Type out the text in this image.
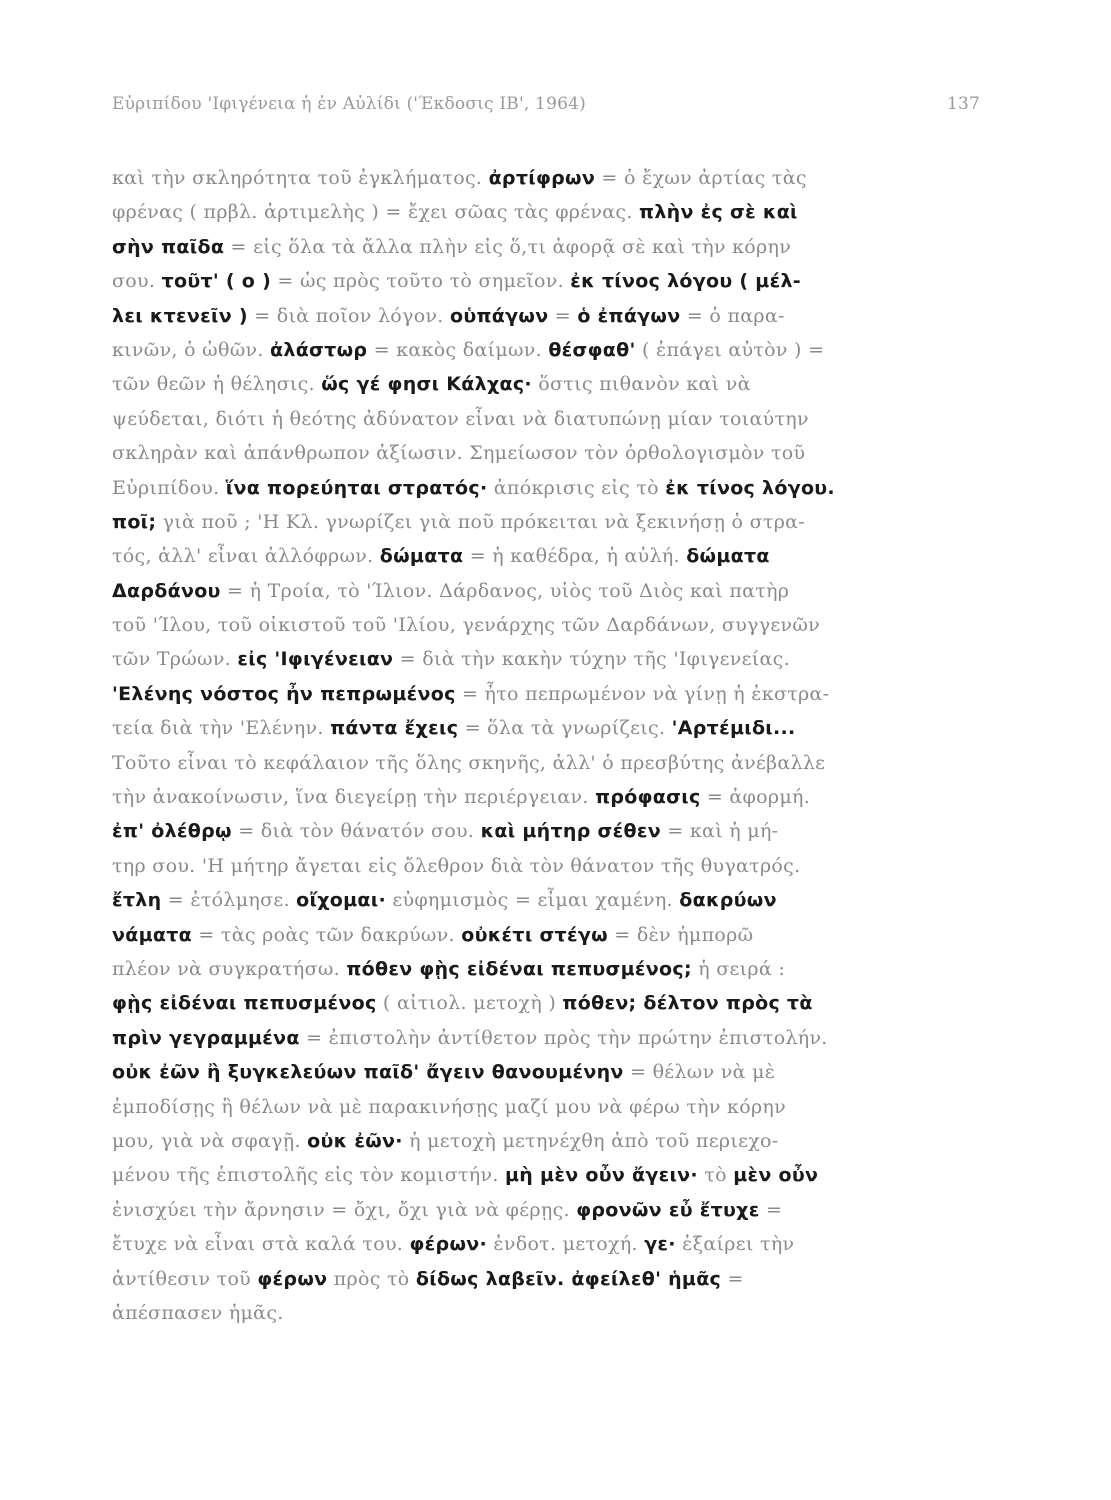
Εὐριπίδου 'Ιφιγένεια ἡ ἐν Αὐλίδι ('Έκδοσις ΙΒ', 1964)	137
καὶ τὴν σκληρότητα τοῦ ἐγκλήματος. ἀρτίφρων = ὁ ἔχων ἀρτίας τὰς
φρένας ( πρβλ. ἀρτιμελὴς ) = ἔχει σῶας τὰς φρένας. πλὴν ἐς σὲ καὶ
σὴν παῖδα = εἰς ὅλα τὰ ἄλλα πλὴν εἰς ὅ,τι ἀφορᾷ σὲ καὶ τὴν κόρην
σου. τοῦτ' ( ο ) = ὡς πρὸς τοῦτο τὸ σημεῖον. ἐκ τίνος λόγου ( μέλ-
λει κτενεῖν ) = διὰ ποῖον λόγον. οὑπάγων = ὁ ἐπάγων = ὁ παρα-
κινῶν, ὁ ὠθῶν. ἀλάστωρ = κακὸς δαίμων. θέσφαθ' ( ἐπάγει αὐτὸν ) =
τῶν θεῶν ἡ θέλησις. ὥς γέ φησι Κάλχας· ὅστις πιθανὸν καὶ νὰ
ψεύδεται, διότι ἡ θεότης ἀδύνατον εἶναι νὰ διατυπώνῃ μίαν τοιαύτην
σκληρὰν καὶ ἀπάνθρωπον ἀξίωσιν. Σημείωσον τὸν ὀρθολογισμὸν τοῦ
Εὐριπίδου. ἵνα πορεύηται στρατός· ἀπόκρισις εἰς τὸ ἐκ τίνος λόγου.
ποῖ; γιὰ ποῦ ; 'Η Κλ. γνωρίζει γιὰ ποῦ πρόκειται νὰ ξεκινήσῃ ὁ στρα-
τός, ἀλλ' εἶναι ἀλλόφρων. δώματα = ἡ καθέδρα, ἡ αὐλή. δώματα
Δαρδάνου = ἡ Τροία, τὸ 'Ίλιον. Δάρδανος, υἱὸς τοῦ Διὸς καὶ πατὴρ
τοῦ 'Ίλου, τοῦ οἰκιστοῦ τοῦ 'Ιλίου, γενάρχης τῶν Δαρδάνων, συγγενῶν
τῶν Τρώων. εἰς 'Ιφιγένειαν = διὰ τὴν κακὴν τύχην τῆς 'Ιφιγενείας.
'Ελένης νόστος ἦν πεπρωμένος = ἦτο πεπρωμένον νὰ γίνῃ ἡ ἐκστρα-
τεία διὰ τὴν 'Ελένην. πάντα ἔχεις = ὅλα τὰ γνωρίζεις. 'Αρτέμιδι...
Τοῦτο εἶναι τὸ κεφάλαιον τῆς ὅλης σκηνῆς, ἀλλ' ὁ πρεσβύτης ἀνέβαλλε
τὴν ἀνακοίνωσιν, ἵνα διεγείρῃ τὴν περιέργειαν. πρόφασις = ἀφορμή.
ἐπ' ὀλέθρῳ = διὰ τὸν θάνατόν σου. καὶ μήτηρ σέθεν = καὶ ἡ μή-
τηρ σου. 'Η μήτηρ ἄγεται εἰς ὄλεθρον διὰ τὸν θάνατον τῆς θυγατρός.
ἔτλη = ἐτόλμησε. οἴχομαι· εὐφημισμὸς = εἶμαι χαμένη. δακρύων
νάματα = τὰς ροὰς τῶν δακρύων. οὐκέτι στέγω = δὲν ἠμπορῶ
πλέον νὰ συγκρατήσω. πόθεν φῂς εἰδέναι πεπυσμένος; ἡ σειρά :
φῂς εἰδέναι πεπυσμένος ( αἰτιολ. μετοχὴ ) πόθεν; δέλτον πρὸς τὰ
πρὶν γεγραμμένα = ἐπιστολὴν ἀντίθετον πρὸς τὴν πρώτην ἐπιστολήν.
οὐκ ἐῶν ἢ ξυγκελεύων παῖδ' ἄγειν θανουμένην = θέλων νὰ μὲ
ἐμποδίσῃς ἢ θέλων νὰ μὲ παρακινήσῃς μαζί μου νὰ φέρω τὴν κόρην
μου, γιὰ νὰ σφαγῇ. οὐκ ἐῶν· ἡ μετοχὴ μετηνέχθη ἀπὸ τοῦ περιεχο-
μένου τῆς ἐπιστολῆς εἰς τὸν κομιστήν. μὴ μὲν οὖν ἄγειν· τὸ μὲν οὖν
ἐνισχύει τὴν ἄρνησιν = ὄχι, ὄχι γιὰ νὰ φέρῃς. φρονῶν εὖ ἔτυχε =
ἔτυχε νὰ εἶναι στὰ καλά του. φέρων· ἐνδοτ. μετοχή. γε· ἐξαίρει τὴν
ἀντίθεσιν τοῦ φέρων πρὸς τὸ δίδως λαβεῖν. ἀφείλεθ' ἡμᾶς =
ἀπέσπασεν ἡμᾶς.
